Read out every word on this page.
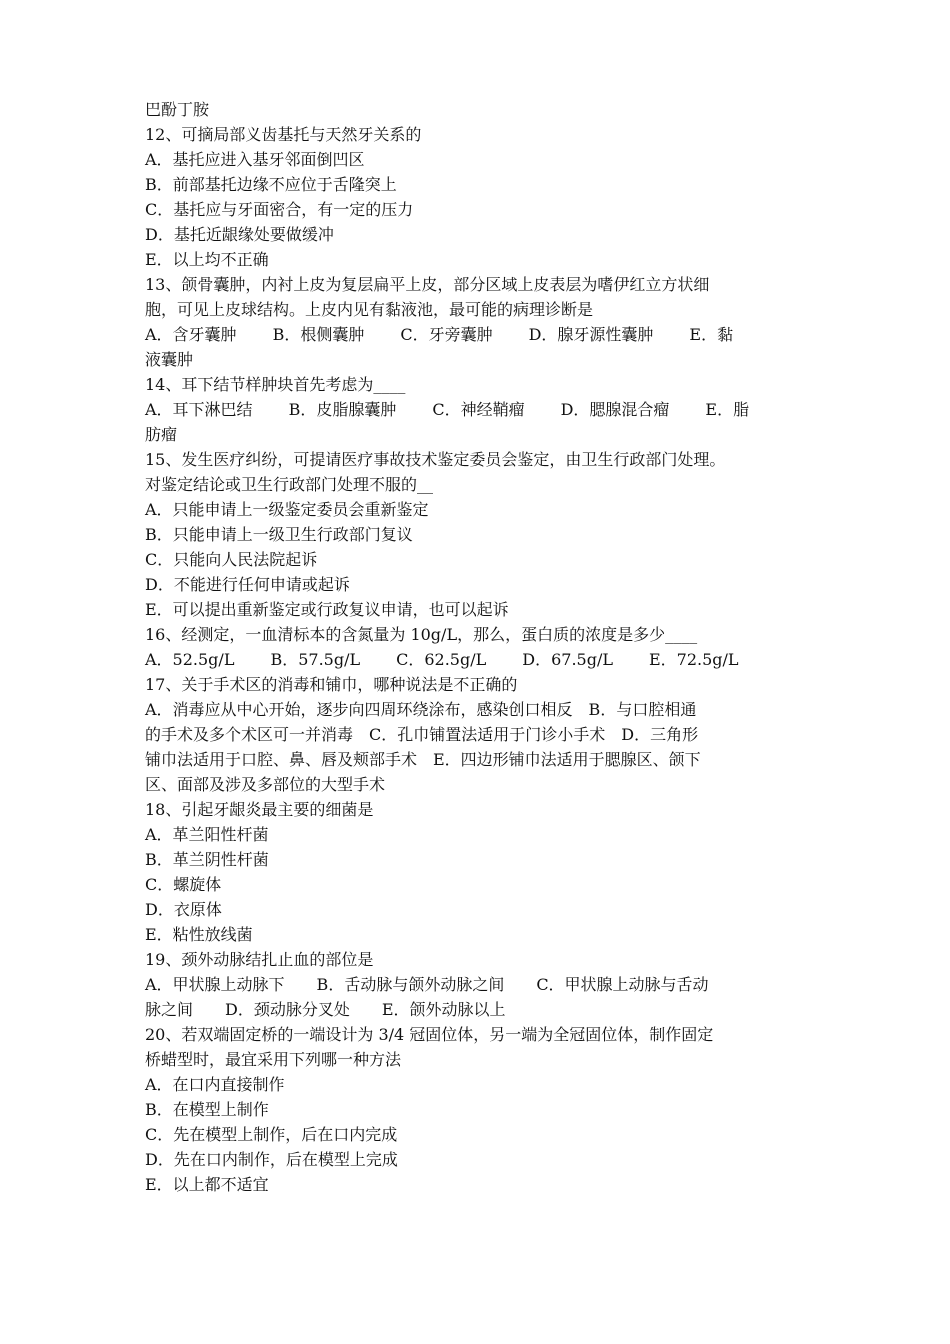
巴酚丁胺
12、可摘局部义齿基托与天然牙关系的
A．基托应进入基牙邻面倒凹区
B．前部基托边缘不应位于舌隆突上
C．基托应与牙面密合，有一定的压力
D．基托近龈缘处要做缓冲
E．以上均不正确
13、颌骨囊肿，内衬上皮为复层扁平上皮，部分区域上皮表层为嗜伊红立方状细
胞，可见上皮球结构。上皮内见有黏液池，最可能的病理诊断是
A．含牙囊肿 B．根侧囊肿 C．牙旁囊肿 D．腺牙源性囊肿 E．黏
液囊肿
14、耳下结节样肿块首先考虑为____
A．耳下淋巴结 B．皮脂腺囊肿 C．神经鞘瘤 D．腮腺混合瘤 E．脂
肪瘤
15、发生医疗纠纷，可提请医疗事故技术鉴定委员会鉴定，由卫生行政部门处理。
对鉴定结论或卫生行政部门处理不服的__
A．只能申请上一级鉴定委员会重新鉴定
B．只能申请上一级卫生行政部门复议
C．只能向人民法院起诉
D．不能进行任何申请或起诉
E．可以提出重新鉴定或行政复议申请，也可以起诉
16、经测定，一血清标本的含氮量为 10g/L，那么，蛋白质的浓度是多少____
A．52.5g/L B．57.5g/L C．62.5g/L D．67.5g/L E．72.5g/L
17、关于手术区的消毒和铺巾，哪种说法是不正确的
A．消毒应从中心开始，逐步向四周环绕涂布，感染创口相反　B．与口腔相通
的手术及多个术区可一并消毒　C．孔巾铺置法适用于门诊小手术　D．三角形
铺巾法适用于口腔、鼻、唇及颊部手术　E．四边形铺巾法适用于腮腺区、颌下
区、面部及涉及多部位的大型手术
18、引起牙龈炎最主要的细菌是
A．革兰阳性杆菌
B．革兰阴性杆菌
C．螺旋体
D．衣原体
E．粘性放线菌
19、颈外动脉结扎止血的部位是
A．甲状腺上动脉下　　B．舌动脉与颌外动脉之间　　C．甲状腺上动脉与舌动
脉之间　　D．颈动脉分叉处　　E．颌外动脉以上
20、若双端固定桥的一端设计为 3/4 冠固位体，另一端为全冠固位体，制作固定
桥蜡型时，最宜采用下列哪一种方法
A．在口内直接制作
B．在模型上制作
C．先在模型上制作，后在口内完成
D．先在口内制作，后在模型上完成
E．以上都不适宜
